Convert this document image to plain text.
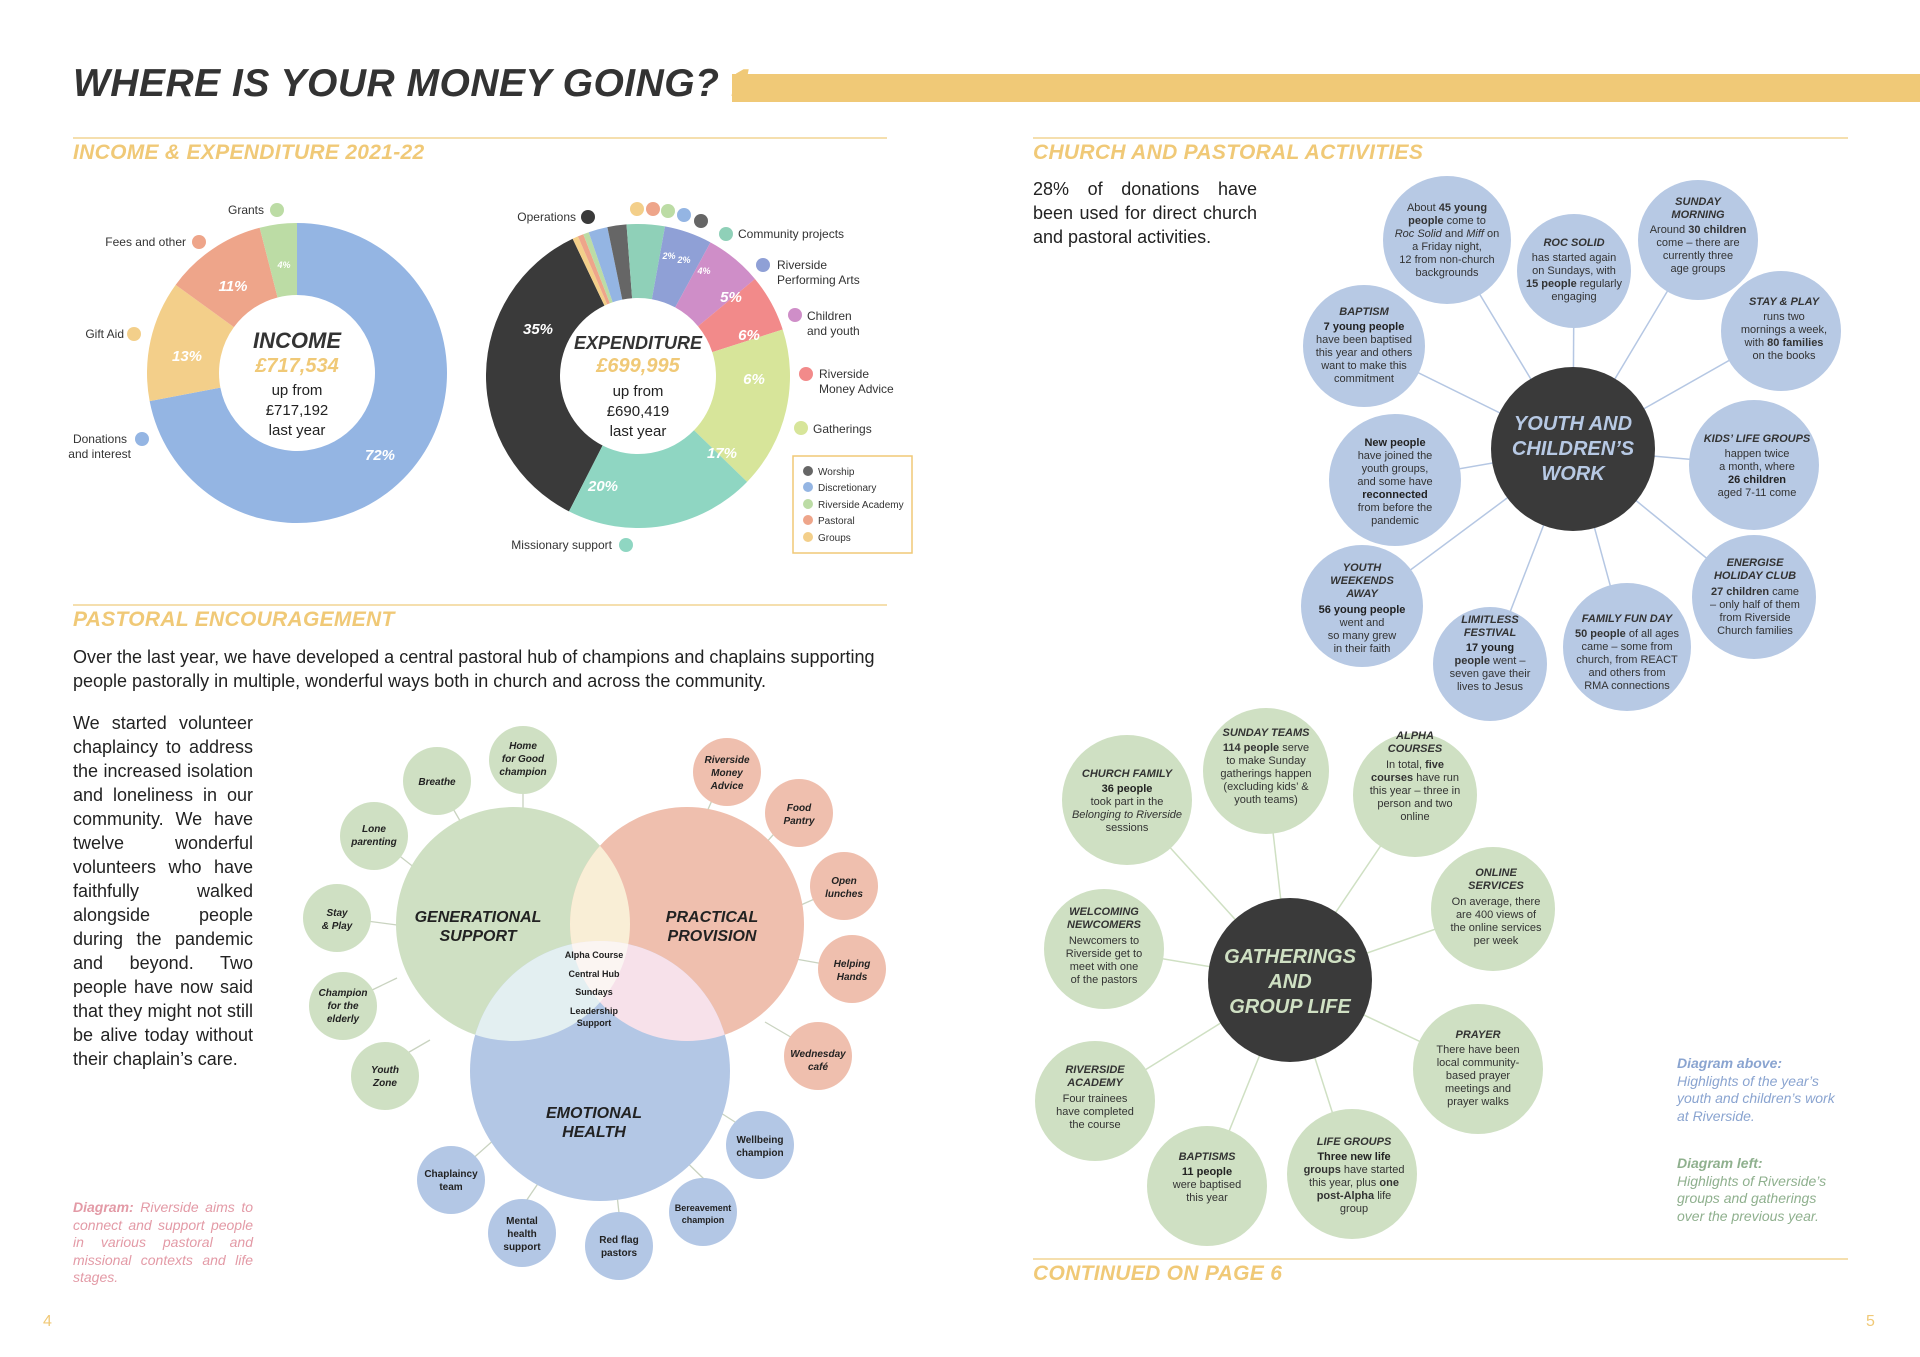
WHERE IS YOUR MONEY GOING?
INCOME & EXPENDITURE 2021-22	CHURCH AND PASTORAL ACTIVITIES
PASTORAL ENCOURAGEMENT
CONTINUED ON PAGE 6
Over the last year, we have developed a central pastoral hub of champions and chaplains supporting people pastorally in multiple, wonderful ways both in church and across the community.
We started volunteer chaplaincy to address the increased isolation and loneliness in our community. We have twelve wonderful volunteers who have faithfully walked alongside people during the pandemic and beyond. Two people have now said that they might not still be alive today without their chaplain’s care.
Diagram: Riverside aims to connect and support people in various pastoral and missional contexts and life stages.
28% of donations have
been used for direct church
and pastoral activities.
Diagram above:
Highlights of the year’s
youth and children’s work
at Riverside.
Diagram left:
Highlights of Riverside’s
groups and gatherings
over the previous year.
4	5
72%
13%
11%
4%
INCOME
£717,534
up from
£717,192
last year
Grants
Fees and other
Gift Aid
Donations
and interest
35%
2% 2%
4%
5%
6%
6%
17%
20%
EXPENDITURE
£699,995
up from
£690,419
last year
Operations
Community projects
Riverside
Performing Arts
Children
and youth
Riverside
Money Advice
Gatherings
Missionary support
Worship
Discretionary
Riverside Academy
Pastoral
Groups
GENERATIONAL
SUPPORT
PRACTICAL
PROVISION
EMOTIONAL
HEALTH
Alpha Course
Central Hub
Sundays
Leadership
Support
Home
for Good
champion
Breathe
Lone
parenting
Stay
& Play
Champion
for the
elderly
Youth
Zone
Riverside
Money
Advice
Food
Pantry
Open
lunches
Helping
Hands
Wednesday
café
Wellbeing
champion
Bereavement
champion
Red flag
pastors
Mental
health
support
Chaplaincy
team
YOUTH AND
CHILDREN’S
WORK
About 45 young
people come to
Roc Solid and Miff on
a Friday night,
12 from non-church
backgrounds
ROC SOLID
has started again
on Sundays, with
15 people regularly
engaging
SUNDAY
MORNING
Around 30 children
come – there are
currently three
age groups
STAY & PLAY
runs two
mornings a week,
with 80 families
on the books
KIDS’ LIFE GROUPS
happen twice
a month, where
26 children
aged 7-11 come
ENERGISE
HOLIDAY CLUB
27 children came
– only half of them
from Riverside
Church families
FAMILY FUN DAY
50 people of all ages
came – some from
church, from REACT
and others from
RMA connections
LIMITLESS
FESTIVAL
17 young
people went –
seven gave their
lives to Jesus
YOUTH
WEEKENDS
AWAY
56 young people
went and
so many grew
in their faith
New people
have joined the
youth groups,
and some have
reconnected
from before the
pandemic
BAPTISM
7 young people
have been baptised
this year and others
want to make this
commitment
GATHERINGS
AND
GROUP LIFE
CHURCH FAMILY
36 people
took part in the
Belonging to Riverside
sessions
SUNDAY TEAMS
114 people serve
to make Sunday
gatherings happen
(excluding kids’ &
youth teams)
ALPHA
COURSES
In total, five
courses have run
this year – three in
person and two
online
ONLINE
SERVICES
On average, there
are 400 views of
the online services
per week
PRAYER
There have been
local community-
based prayer
meetings and
prayer walks
LIFE GROUPS
Three new life
groups have started
this year, plus one
post-Alpha life
group
BAPTISMS
11 people
were baptised
this year
RIVERSIDE
ACADEMY
Four trainees
have completed
the course
WELCOMING
NEWCOMERS
Newcomers to
Riverside get to
meet with one
of the pastors
